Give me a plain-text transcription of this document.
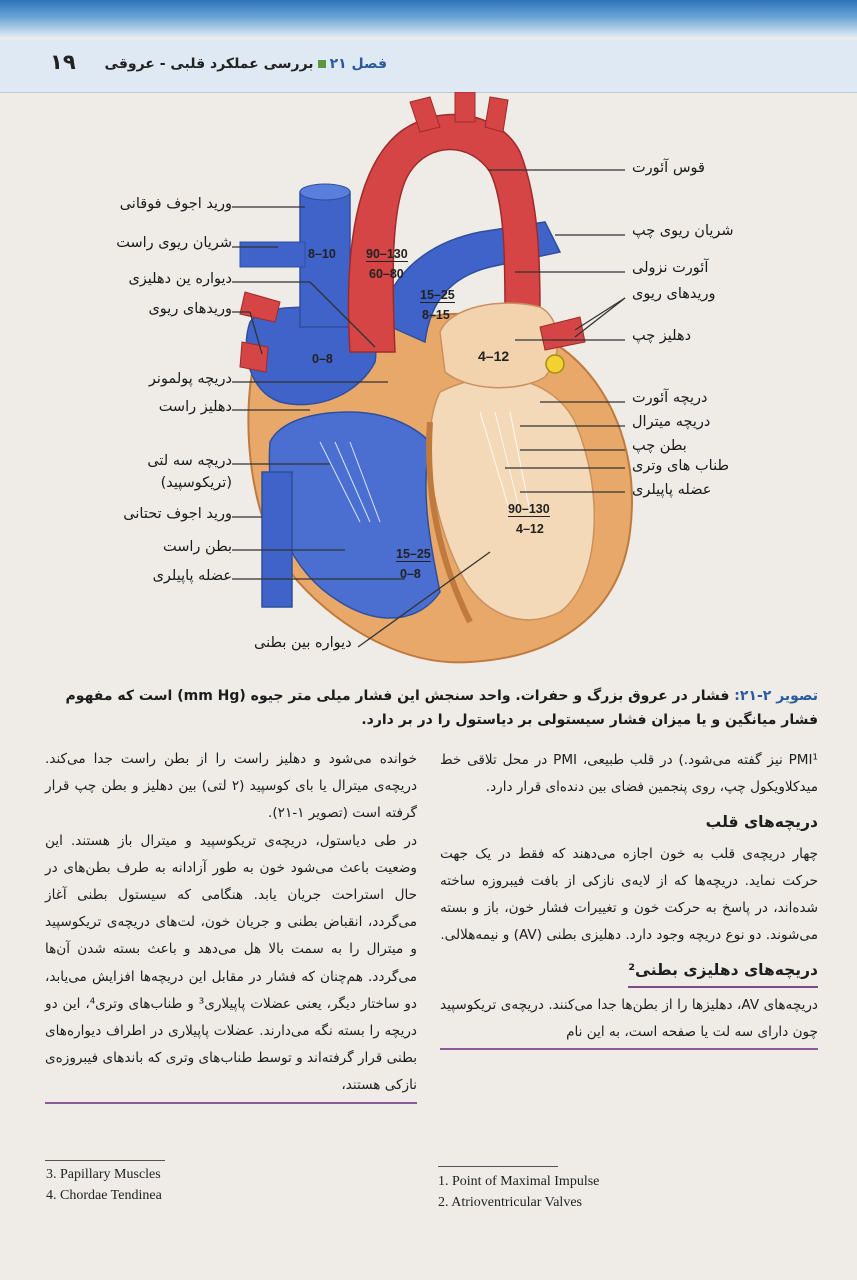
۱۹	فصل ۲۱بررسی عملکرد قلبی - عروقی
قوس آئورت
شریان ریوی چپ
آئورت نزولی
وریدهای ریوی
دهلیز چپ
دریچه آئورت
دریچه میترال
بطن چپ
طناب های وتری
عضله پاپیلری
ورید اجوف فوقانی
شریان ریوی راست
دیواره ین دهلیزی
وریدهای ریوی
دریچه پولمونر
دهلیز راست
دریچه سه لتی
(تریکوسپید)
ورید اجوف تحتانی
بطن راست
عضله پاپیلری
دیواره بین بطنی
8–10 90–130
60–80
15–25
8–15
0–8	4–12
90–130
4–12
15–25
0–8
تصویر ۲-۲۱: فشار در عروق بزرگ و حفرات. واحد سنجش این فشار میلی متر جیوه (mm Hg) است که مفهوم فشار میانگین و یا میزان فشار سیستولی بر دیاستول را در بر دارد.

PMI¹ نیز گفته می‌شود.) در قلب طبیعی، PMI در محل تلاقی خط میدکلاویکول چپ، روی پنجمین فضای بین دنده‌ای قرار دارد.

دریچه‌های قلب

چهار دریچه‌ی قلب به خون اجازه می‌دهند که فقط در یک جهت حرکت نماید. دریچه‌ها که از لایه‌ی نازکی از بافت فیبروزه ساخته شده‌اند، در پاسخ به حرکت خون و تغییرات فشار خون، باز و بسته می‌شوند. دو نوع دریچه وجود دارد. دهلیزی بطنی (AV) و نیمه‌هلالی.

دریچه‌های دهلیزی بطنی²

دریچه‌های AV، دهلیزها را از بطن‌ها جدا می‌کنند. دریچه‌ی تریکوسپید چون دارای سه لت یا صفحه است، به این نام

خوانده می‌شود و دهلیز راست را از بطن راست جدا می‌کند. دریچه‌ی میترال یا بای کوسپید (۲ لتی) بین دهلیز و بطن چپ قرار گرفته است (تصویر ۱-۲۱).

در طی دیاستول، دریچه‌ی تریکوسپید و میترال باز هستند. این وضعیت باعث می‌شود خون به طور آزادانه به طرف بطن‌های در حال استراحت جریان یابد. هنگامی که سیستول بطنی آغاز می‌گردد، انقباض بطنی و جریان خون، لت‌های دریچه‌ی تریکوسپید و میترال را به سمت بالا هل می‌دهد و باعث بسته شدن آن‌ها می‌گردد. هم‌چنان که فشار در مقابل این دریچه‌ها افزایش می‌یابد، دو ساختار دیگر، یعنی عضلات پاپیلاری³ و طناب‌های وتری⁴، این دو دریچه را بسته نگه می‌دارند. عضلات پاپیلاری در اطراف دیواره‌های بطنی قرار گرفته‌اند و توسط طناب‌های وتری که باندهای فیبروزه‌ی نازکی هستند،

3. Papillary Muscles
4. Chordae Tendinea
1. Point of Maximal Impulse
2. Atrioventricular Valves
